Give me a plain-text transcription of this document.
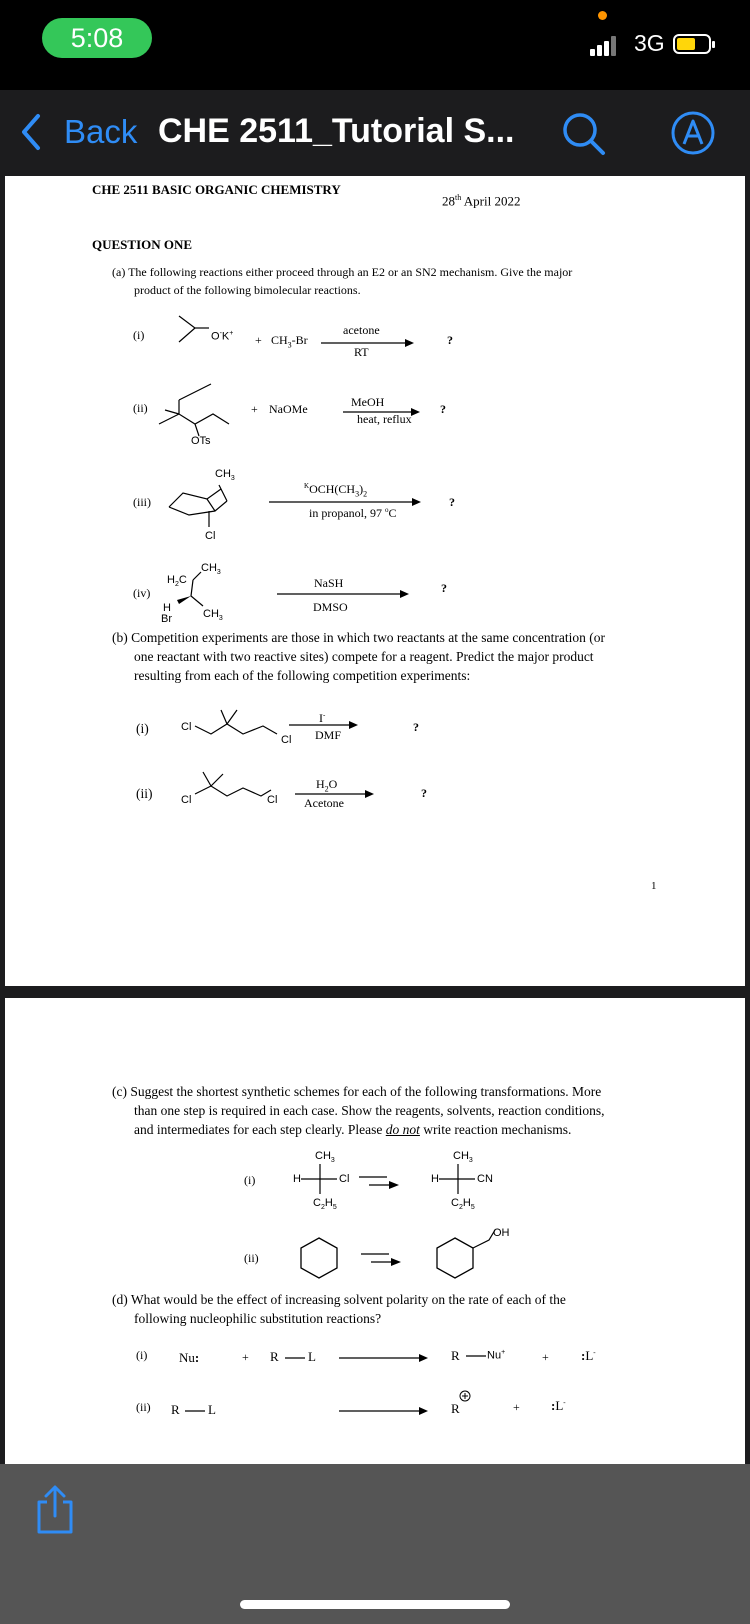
5:08	3G
Back CHE 2511_Tutorial S...
CHE 2511 BASIC ORGANIC CHEMISTRY
28th April 2022
QUESTION ONE
(a) The following reactions either proceed through an E2 or an SN2 mechanism. Give the major
product of the following bimolecular reactions.
(i)	$O^-K^+ + CH_3-Br$
acetone
RT
?
(ii)
OTs
+ NaOMe	MeOH
heat, reflux
?
(iii)
$CH_3$
Cl
$^KOCH(CH_3)_2$
in propanol, 97 $^o$C
?
(iv)
$CH_3$
$H_2C$
H
Br	$CH_3$
NaSH
DMSO
?
(b) Competition experiments are those in which two reactants at the same concentration (or
one reactant with two reactive sites) compete for a reagent. Predict the major product
resulting from each of the following competition experiments:
(i)	Cl
Cl
I-
DMF
?
(ii)	Cl	Cl
$H_2O$
Acetone
?
1
(c) Suggest the shortest synthetic schemes for each of the following transformations. More
than one step is required in each case. Show the reagents, solvents, reaction conditions,
and intermediates for each step clearly. Please do not write reaction mechanisms.
(i)
$CH_3$
H	Cl
$C_2H_5$
$CH_3$
H	CN
$C_2H_5$
(ii)
OH
(d) What would be the effect of increasing solvent polarity on the rate of each of the
following nucleophilic substitution reactions?
(i) Nu:	+ R L	R Nu+	+ :L-
(ii) R L	R	+ :L-
